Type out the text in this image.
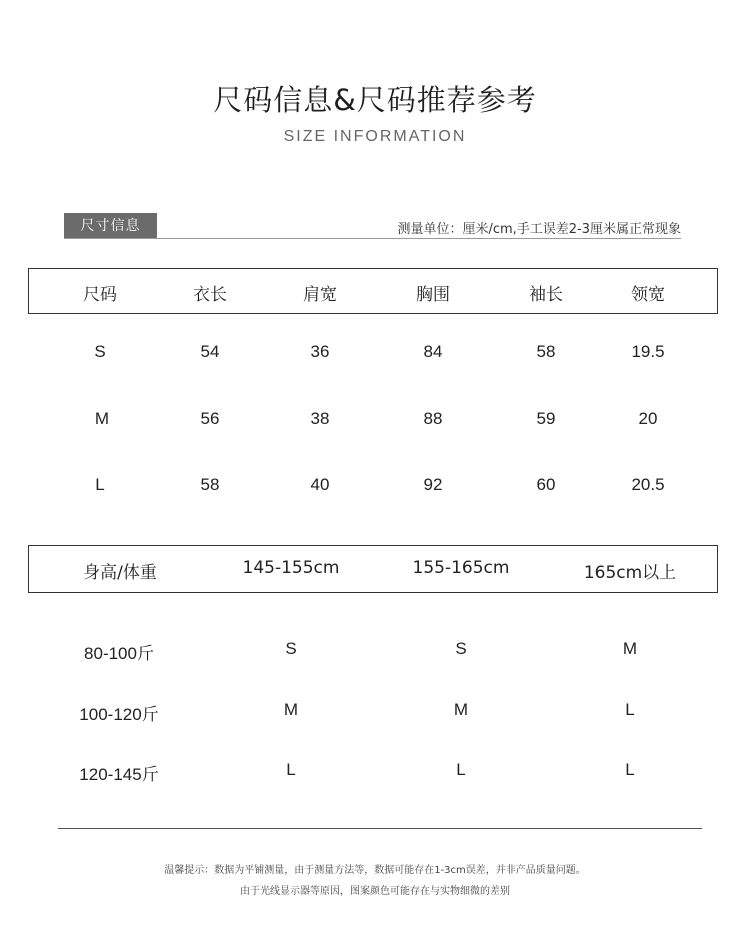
尺码信息&尺码推荐参考
SIZE INFORMATION
尺寸信息	测量单位：厘米/cm,手工误差2-3厘米属正常现象
尺码	衣长	肩宽	胸围	袖长	领宽
S	54	36	84	58	19.5
M	56	38	88	59	20
L	58	40	92	60	20.5
身高/体重	145-155cm	155-165cm	165cm以上
80-100斤	S	S	M
100-120斤	M	M	L
120-145斤	L	L	L
温馨提示：数据为平铺测量，由于测量方法等，数据可能存在1-3cm误差，并非产品质量问题。
由于光线显示器等原因，图案颜色可能存在与实物细微的差别
